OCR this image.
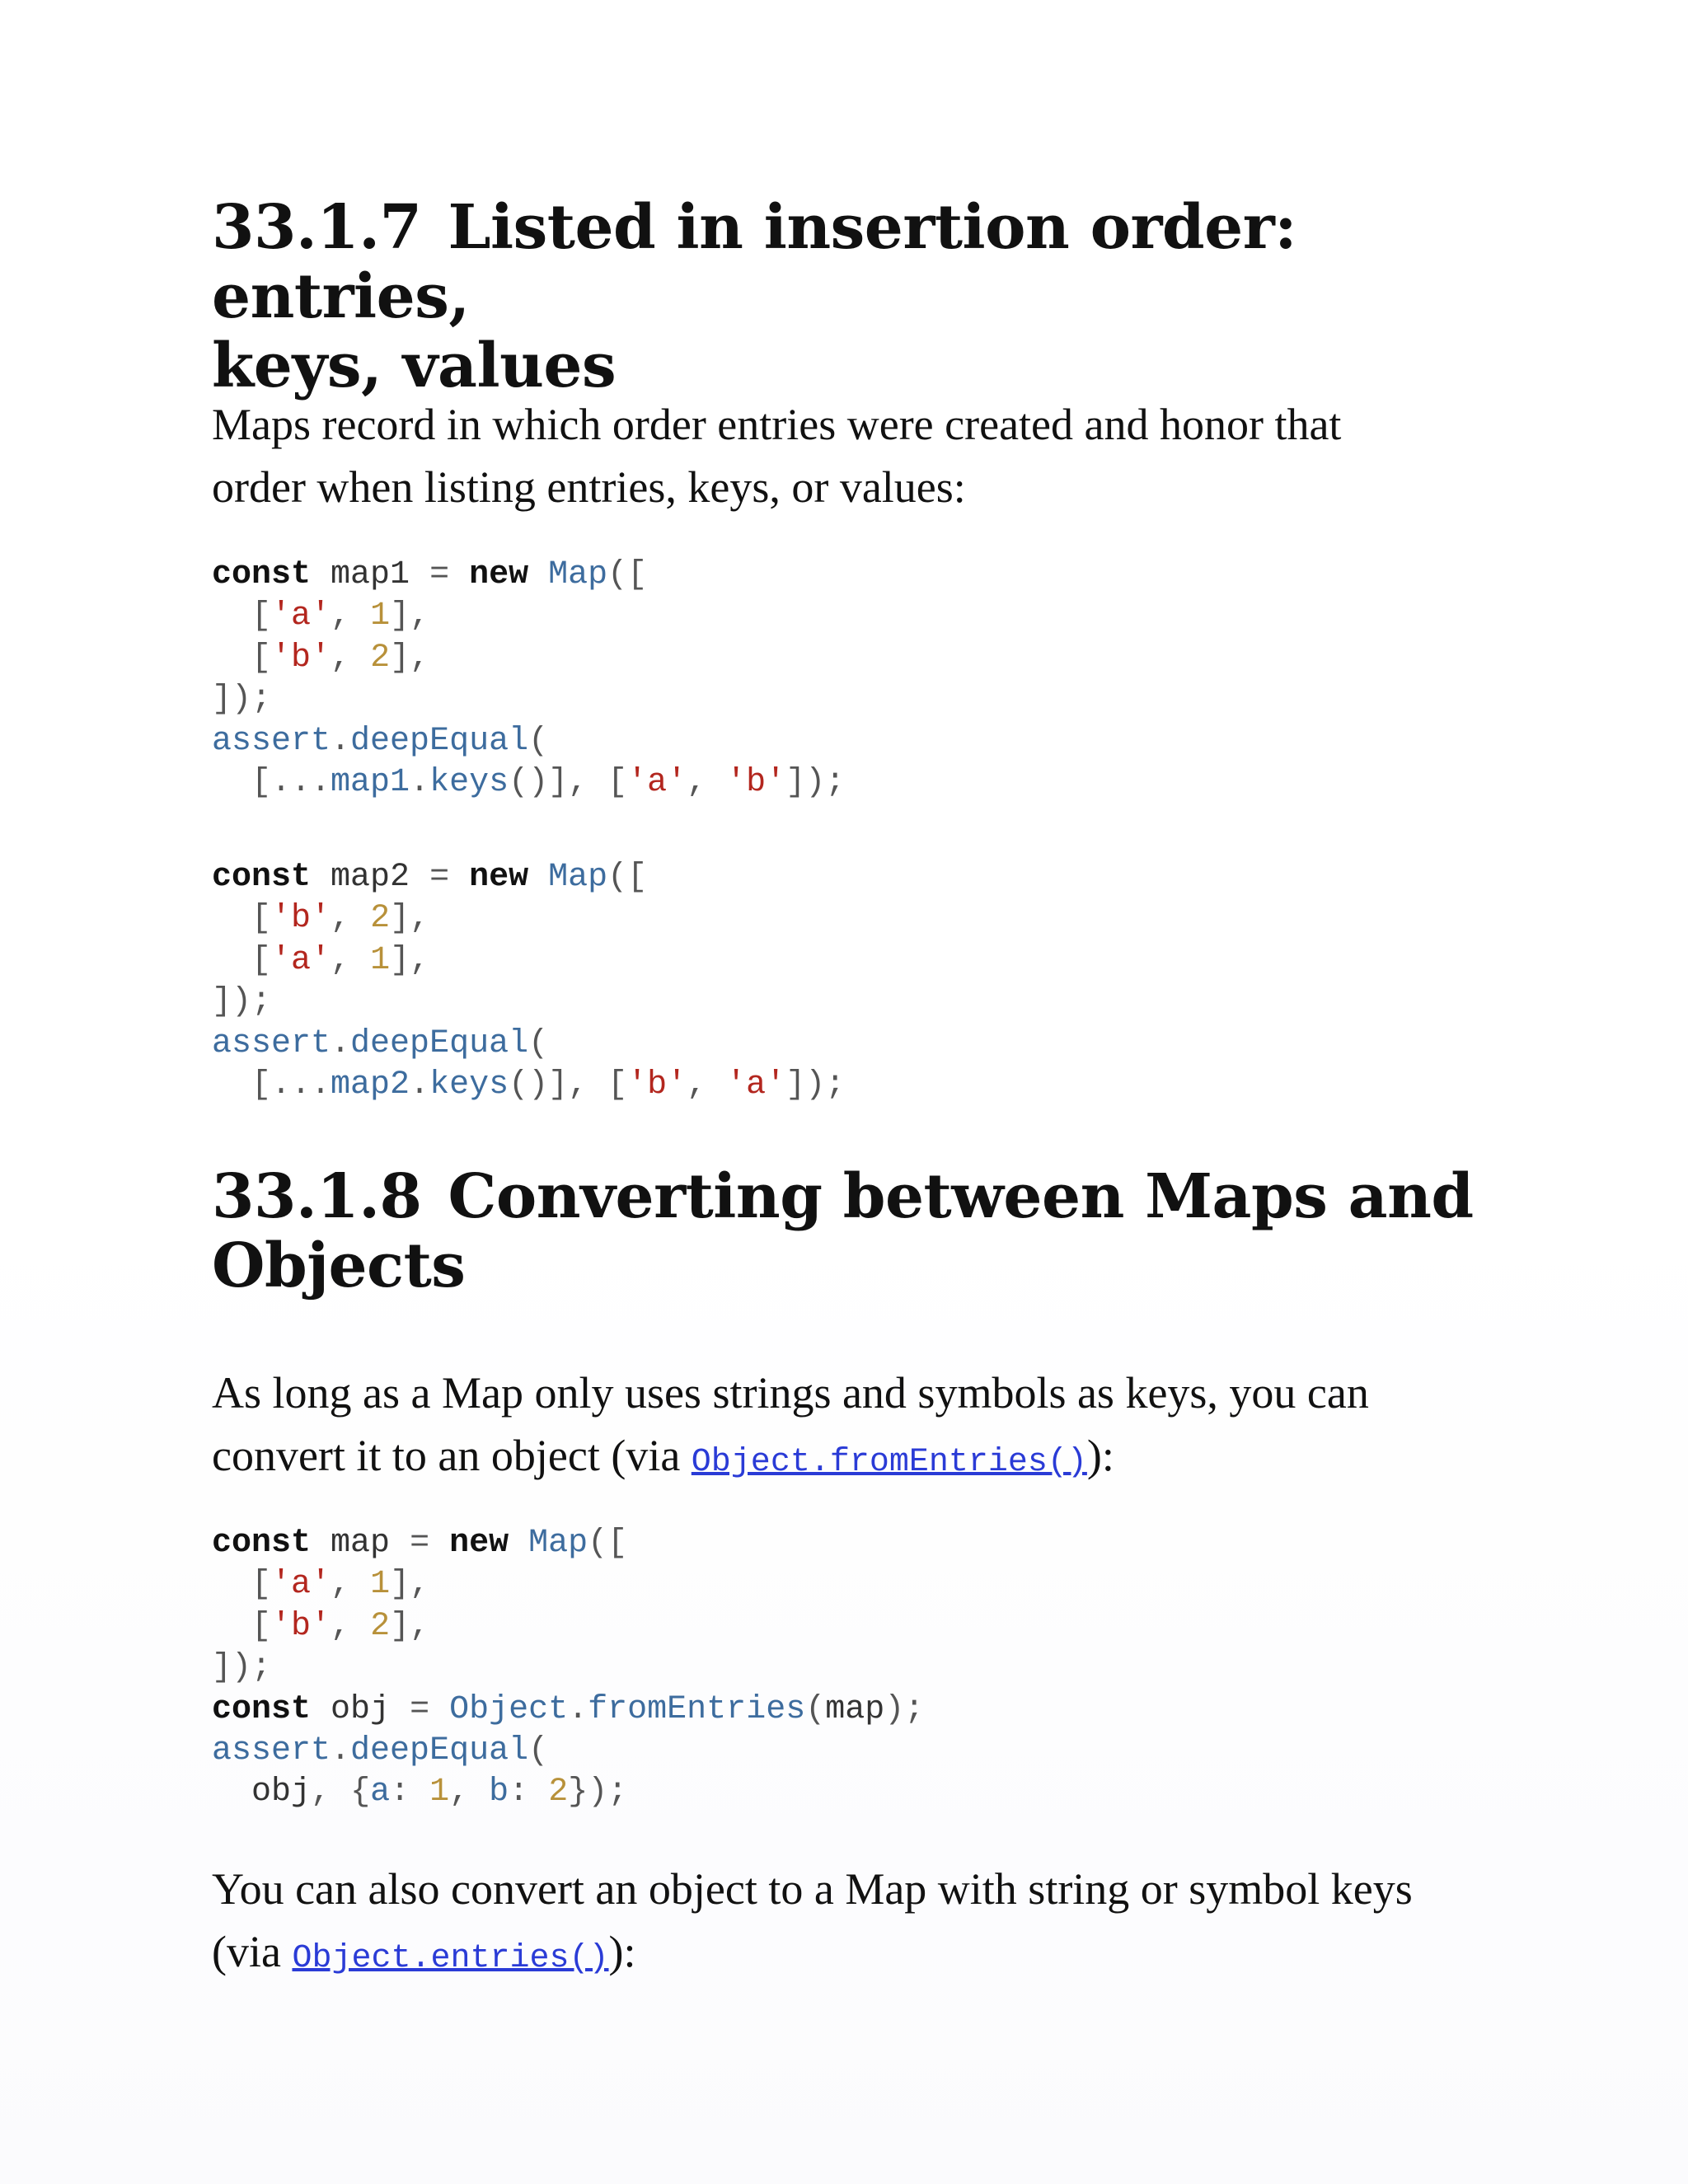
33.1.7 Listed in insertion order: entries,
keys, values

Maps record in which order entries were created and honor that
order when listing entries, keys, or values:

const map1 = new Map([
['a', 1],
['b', 2],
]);
assert.deepEqual(
[...map1.keys()], ['a', 'b']);
const map2 = new Map([
['b', 2],
['a', 1],
]);
assert.deepEqual(
[...map2.keys()], ['b', 'a']);
33.1.8 Converting between Maps and
Objects

As long as a Map only uses strings and symbols as keys, you can
convert it to an object (via Object.fromEntries()):

const map = new Map([
['a', 1],
['b', 2],
]);
const obj = Object.fromEntries(map);
assert.deepEqual(
obj, {a: 1, b: 2});

You can also convert an object to a Map with string or symbol keys
(via Object.entries()):
